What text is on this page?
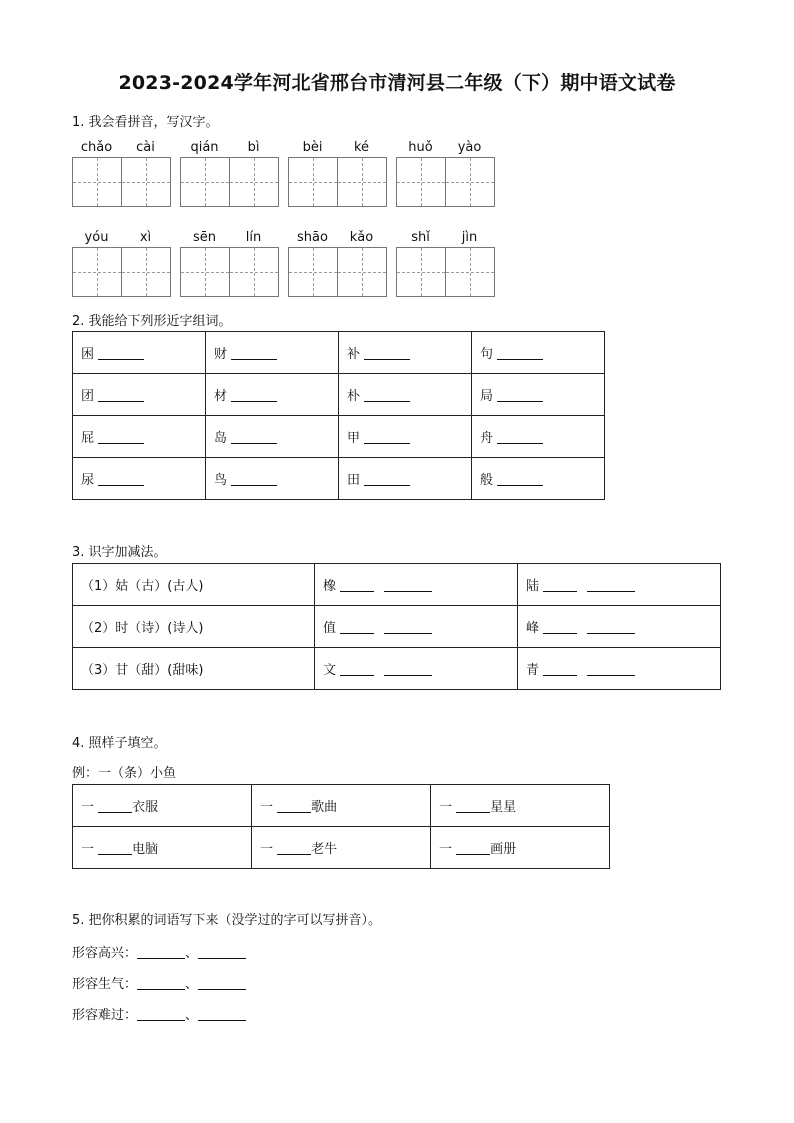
2023-2024学年河北省邢台市清河县二年级（下）期中语文试卷
1. 我会看拼音，写汉字。
chǎo	cài	qián	bì	bèi	ké	huǒ	yào
yóu	xì	sēn	lín	shāo	kǎo	shǐ	jìn
2. 我能给下列形近字组词。
困	财	补	句
团	材	朴	局
屁	岛	甲	舟
尿	鸟	田	般
3. 识字加减法。
（1）姑（古）(古人)	橡	陆
（2）时（诗）(诗人)	值	峰
（3）甘（甜）(甜味)	文	青
4. 照样子填空。
例：一（条）小鱼
一 衣服	一 歌曲	一 星星
一 电脑	一 老牛	一 画册
5. 把你积累的词语写下来（没学过的字可以写拼音）。
形容高兴：	、
形容生气：	、
形容难过：	、
